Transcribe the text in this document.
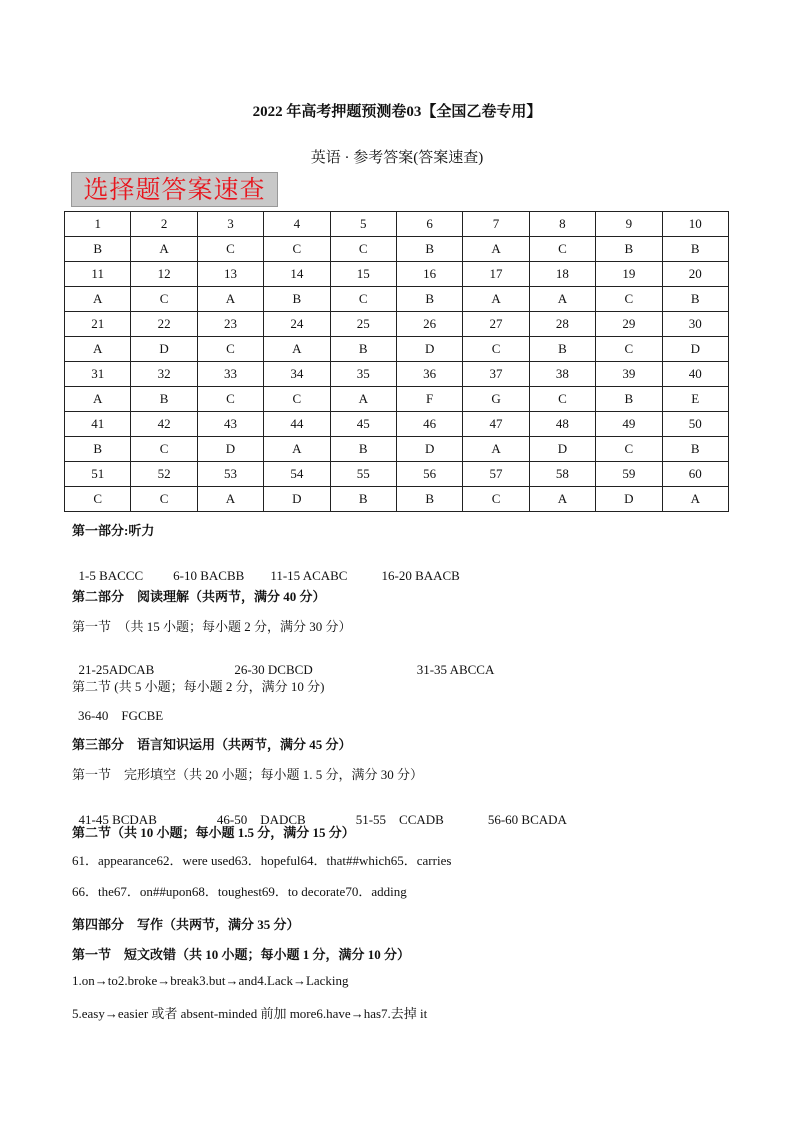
2022 年高考押题预测卷03【全国乙卷专用】
英语 · 参考答案(答案速查)
选择题答案速查
1	2	3	4	5	6	7	8	9	10
B	A	C	C	C	B	A	C	B	B
11	12	13	14	15	16	17	18	19	20
A	C	A	B	C	B	A	A	C	B
21	22	23	24	25	26	27	28	29	30
A	D	C	A	B	D	C	B	C	D
31	32	33	34	35	36	37	38	39	40
A	B	C	C	A	F	G	C	B	E
41	42	43	44	45	46	47	48	49	50
B	C	D	A	B	D	A	D	C	B
51	52	53	54	55	56	57	58	59	60
C	C	A	D	B	B	C	A	D	A
第一部分:听力

1-5 BACCC 6-10 BACBB 11-15 ACABC	16-20 BAACB

第二部分　阅读理解（共两节，满分 40 分）
第一节　（共 15 小题；每小题 2 分，满分 30 分）

21-25ADCAB	26-30 DCBCD	31-35 ABCCA

第二节 (共 5 小题；每小题 2 分，满分 10 分)
36-40　FGCBE
第三部分　语言知识运用（共两节，满分 45 分）
第一节　完形填空（共 20 小题；每小题 1. 5 分，满分 30 分）

41-45 BCDAB	46-50　DADCB	51-55　CCADB	56-60 BCADA

第二节（共 10 小题；每小题 1.5 分，满分 15 分）
61．appearance62．were used63．hopeful64．that##which65．carries
66．the67．on##upon68．toughest69．to decorate70．adding
第四部分　写作（共两节，满分 35 分）
第一节　短文改错（共 10 小题；每小题 1 分，满分 10 分）
1.on→to2.broke→break3.but→and4.Lack→Lacking
5.easy→easier 或者 absent-minded 前加 more6.have→has7.去掉 it
